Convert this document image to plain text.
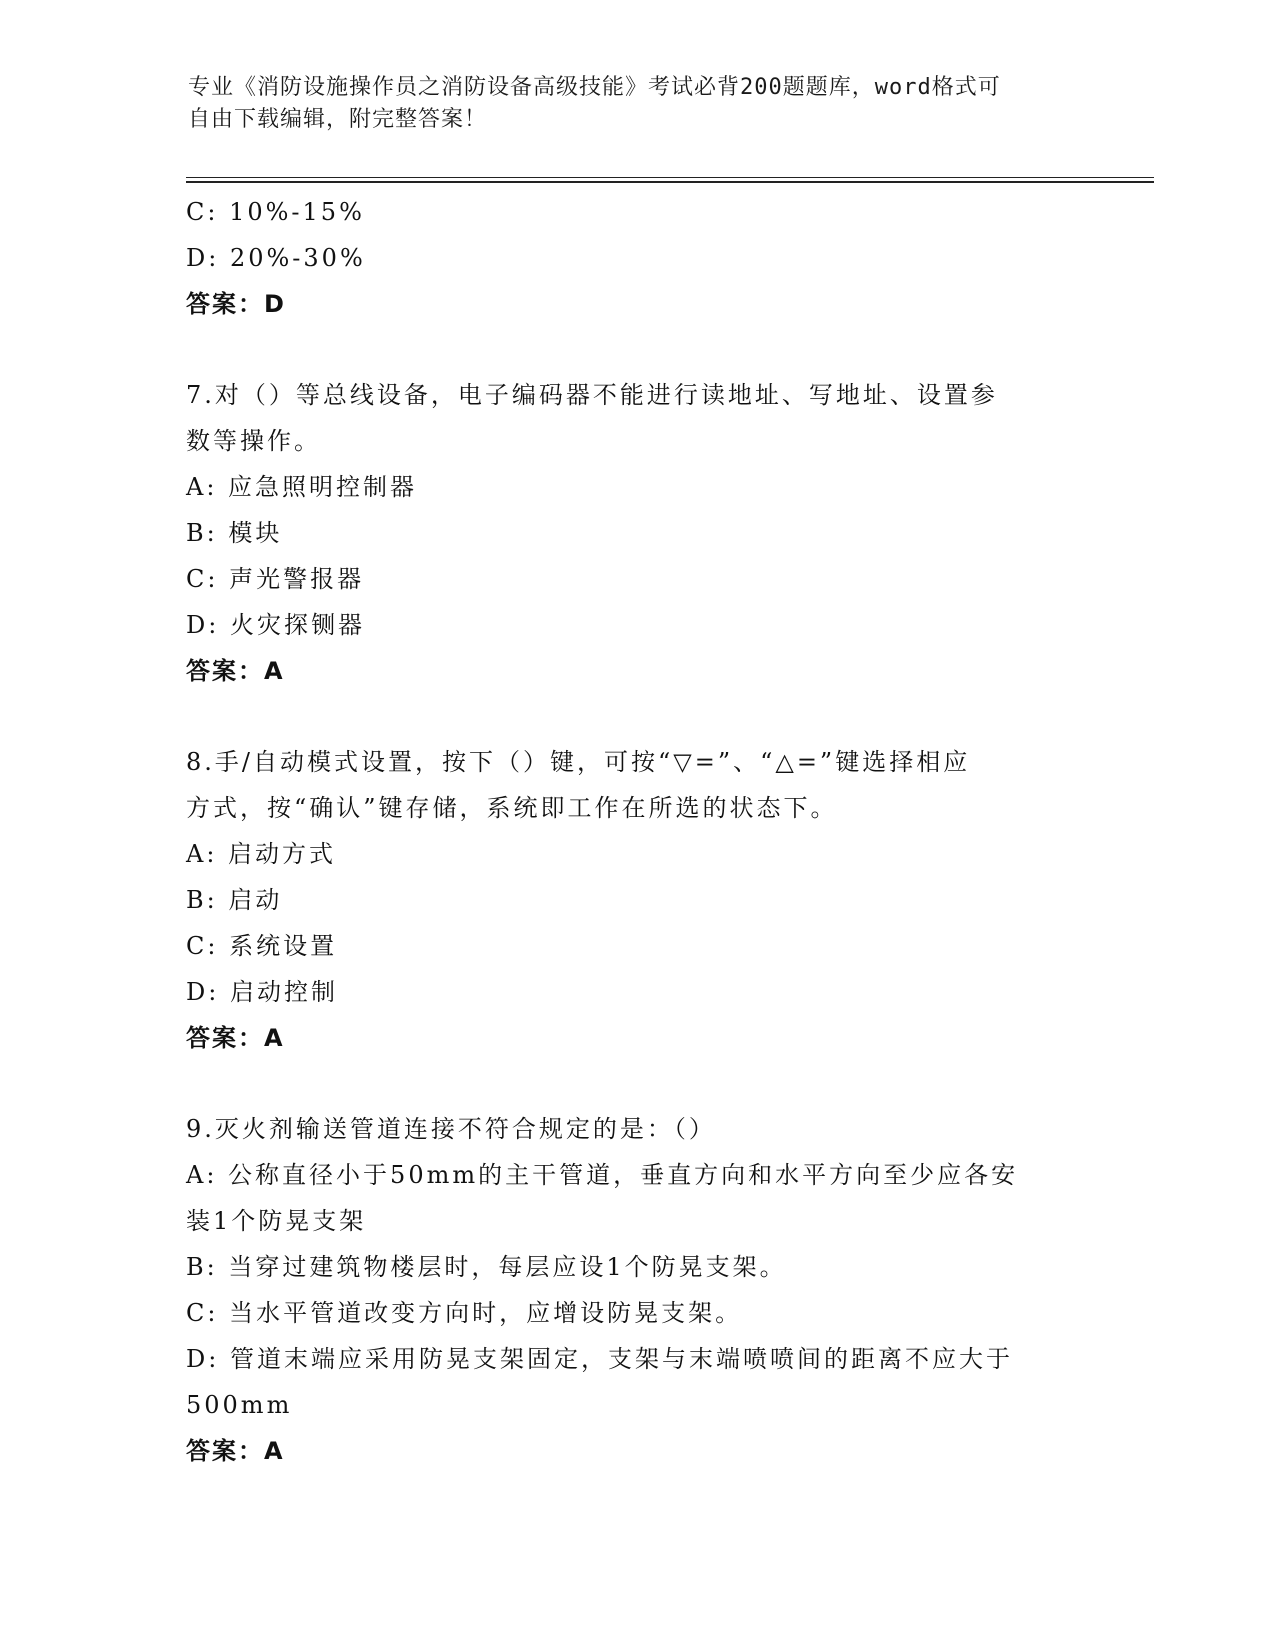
专业《消防设施操作员之消防设备高级技能》考试必背200题题库，word格式可
自由下载编辑，附完整答案！
C: 10%-15%
D: 20%-30%
答案：D
7.对（）等总线设备，电子编码器不能进行读地址、写地址、设置参
数等操作。
A: 应急照明控制器
B: 模块
C: 声光警报器
D: 火灾探铡器
答案：A
8.手/自动模式设置，按下（）键，可按“▽=”、“△=”键选择相应
方式，按“确认”键存储，系统即工作在所选的状态下。
A: 启动方式
B: 启动
C: 系统设置
D: 启动控制
答案：A
9.灭火剂输送管道连接不符合规定的是：（）
A: 公称直径小于50mm的主干管道，垂直方向和水平方向至少应各安
装1个防晃支架
B: 当穿过建筑物楼层时，每层应设1个防晃支架。
C: 当水平管道改变方向时，应增设防晃支架。
D: 管道末端应采用防晃支架固定，支架与末端喷喷间的距离不应大于
500mm
答案：A
